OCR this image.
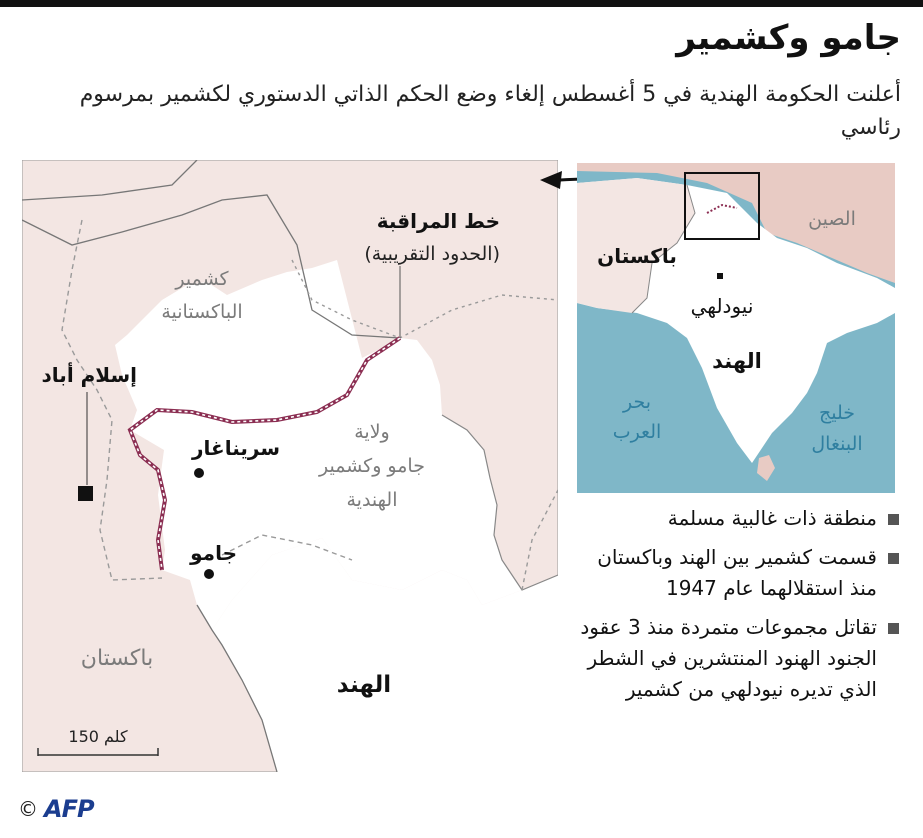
جامو وكشمير
أعلنت الحكومة الهندية في 5 أغسطس إلغاء وضع الحكم الذاتي الدستوري لكشمير بمرسوم رئاسي
خط المراقبة
(الحدود التقريبية)
كشمير
الباكستانية
إسلام أباد
سريناغار
جامو
ولاية
جامو وكشمير
الهندية
باكستان
الهند
150 كلم
الصين
باكستان
نيودلهي
الهند
بحر
العرب
خليج
البنغال
منطقة ذات غالبية مسلمة
قسمت كشمير بين الهند وباكستان منذ استقلالهما عام 1947
تقاتل مجموعات متمردة منذ 3 عقود الجنود الهنود المنتشرين في الشطر الذي تديره نيودلهي من كشمير
© AFP
